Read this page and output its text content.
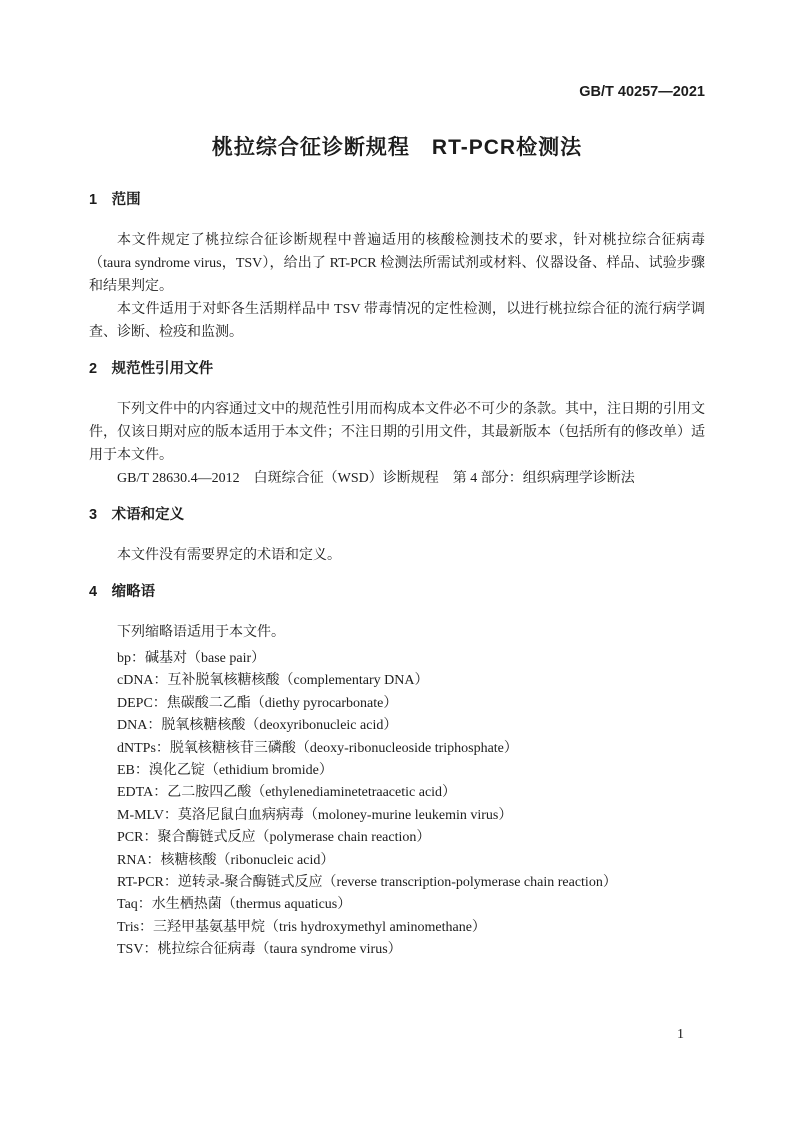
GB/T 40257—2021
桃拉综合征诊断规程　RT-PCR检测法
1　范围

本文件规定了桃拉综合征诊断规程中普遍适用的核酸检测技术的要求，针对桃拉综合征病毒（taura syndrome virus，TSV），给出了 RT-PCR 检测法所需试剂或材料、仪器设备、样品、试验步骤和结果判定。

本文件适用于对虾各生活期样品中 TSV 带毒情况的定性检测，以进行桃拉综合征的流行病学调查、诊断、检疫和监测。

2　规范性引用文件

下列文件中的内容通过文中的规范性引用而构成本文件必不可少的条款。其中，注日期的引用文件，仅该日期对应的版本适用于本文件；不注日期的引用文件，其最新版本（包括所有的修改单）适用于本文件。

GB/T 28630.4—2012　白斑综合征（WSD）诊断规程　第 4 部分：组织病理学诊断法

3　术语和定义

本文件没有需要界定的术语和定义。

4　缩略语

下列缩略语适用于本文件。

bp：碱基对（base pair）

cDNA：互补脱氧核糖核酸（complementary DNA）

DEPC：焦碳酸二乙酯（diethy pyrocarbonate）

DNA：脱氧核糖核酸（deoxyribonucleic acid）

dNTPs：脱氧核糖核苷三磷酸（deoxy-ribonucleoside triphosphate）

EB：溴化乙锭（ethidium bromide）

EDTA：乙二胺四乙酸（ethylenediaminetetraacetic acid）

M-MLV：莫洛尼鼠白血病病毒（moloney-murine leukemin virus）

PCR：聚合酶链式反应（polymerase chain reaction）

RNA：核糖核酸（ribonucleic acid）

RT-PCR：逆转录-聚合酶链式反应（reverse transcription-polymerase chain reaction）

Taq：水生栖热菌（thermus aquaticus）

Tris：三羟甲基氨基甲烷（tris hydroxymethyl aminomethane）

TSV：桃拉综合征病毒（taura syndrome virus）

1
